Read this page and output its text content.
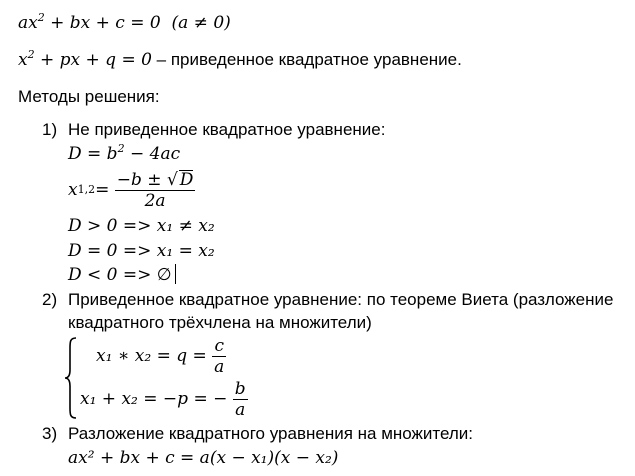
$ax^2$ + bx + c = 0 (a ≠ 0)
$x^2$ + px + q = 0 – приведенное квадратное уравнение.
Методы решения:
1) Не приведенное квадратное уравнение:
$D = b^2 - 4ac$
x 1,2 =
$\frac{-b \pm √ D}{2a}$
D > 0 => x₁ ≠ x₂
D = 0 => x₁ = x₂
D < 0 => ∅
2) Приведенное квадратное уравнение: по теореме Виета (разложение
квадратного трёхчлена на множители)
x₁ ∗ x₂ = q =
$\frac{c}{a}$
x₁ + x₂ = −p = −
$\frac{b}{a}$
3) Разложение квадратного уравнения на множители:
ax² + bx + c = a(x − x₁)(x − x₂)
